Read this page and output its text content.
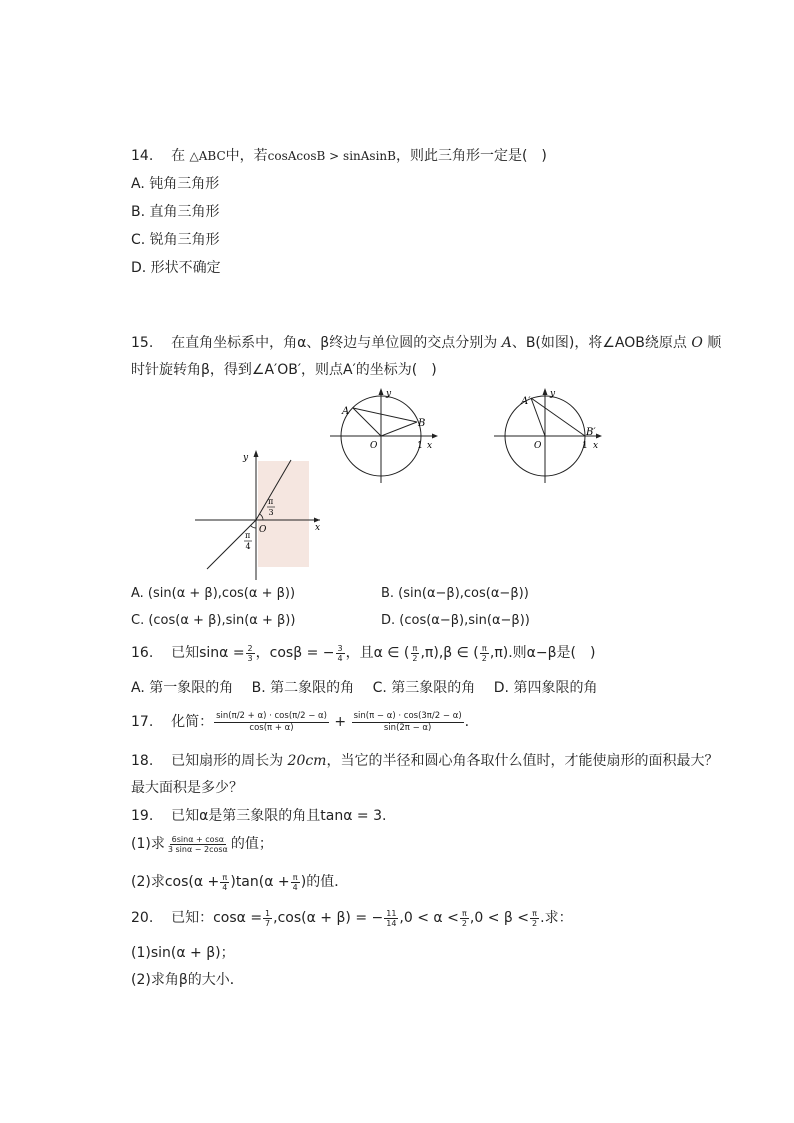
14. 在 △ABC中，若cosAcosB > sinAsinB，则此三角形一定是( )
A. 钝角三角形
B. 直角三角形
C. 锐角三角形
D. 形状不确定
15. 在直角坐标系中，角α、β终边与单位圆的交点分别为 A、B(如图)，将∠AOB绕原点 O 顺
时针旋转角β，得到∠A′OB′，则点A′的坐标为( )
y
x
O
π
3
π
4
y
x
O	1
A
B
y
x
O	1
A′
B′
A. (sin(α + β),cos(α + β))	B. (sin(α−β),cos(α−β))
C. (cos(α + β),sin(α + β))	D. (cos(α−β),sin(α−β))
16. 已知$\sin\alpha = \frac{2}{3}$ ，cosβ = − $\frac{3}{4}$ ，且α ∈ ( $\frac{\pi}{2} ,\pi),\beta$ ∈ ( $\frac{\pi}{2} ,\pi$).则α−β是( )
A. 第一象限的角  B. 第二象限的角  C. 第三象限的角  D. 第四象限的角
17. 化简： $\frac{\sin(\pi/2 + \alpha) \cdot \cos(\pi/2 - \alpha)}{\cos(\pi + \alpha)} + \frac{\sin(\pi - \alpha) \cdot \cos(3\pi/2 - \alpha)}{\sin(2\pi - \alpha)}$ .
18. 已知扇形的周长为 20cm，当它的半径和圆心角各取什么值时，才能使扇形的面积最大？
最大面积是多少？
19. 已知α是第三象限的角且tanα = 3.
(1)求 $\frac{6\sin\alpha + \cos\alpha}{3 \sin\alpha - 2\cos\alpha}$ 的值；
(2)求$\cos(\alpha + \frac{\pi}{4} )\tan(\alpha + \frac{\pi}{4}$ )的值．
20. 已知：$\cos\alpha = \frac{1}{7} ,\cos(\alpha + \beta)$ = − $\frac{11}{14} ,0 < \alpha < \frac{\pi}{2} ,0 < \beta < \frac{\pi}{2}$ .求：
(1)sin(α + β)；
(2)求角β的大小．
